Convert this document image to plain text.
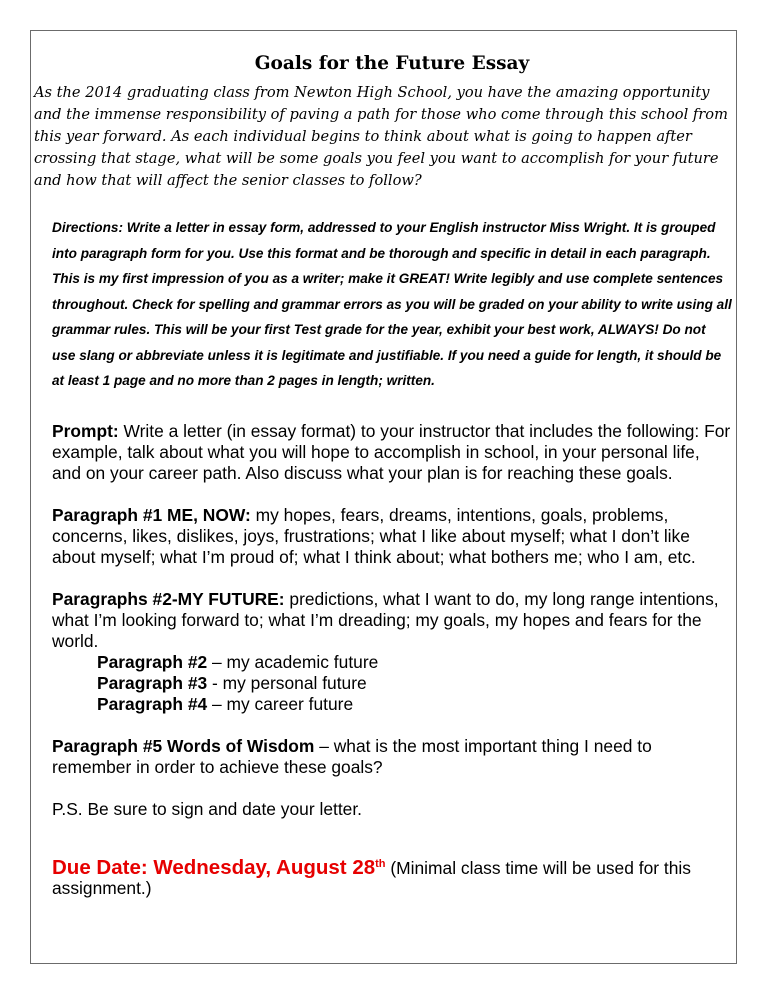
Goals for the Future Essay

As the 2014 graduating class from Newton High School, you have the amazing opportunity and the immense responsibility of paving a path for those who come through this school from this year forward. As each individual begins to think about what is going to happen after crossing that stage, what will be some goals you feel you want to accomplish for your future and how that will affect the senior classes to follow?

Directions: Write a letter in essay form, addressed to your English instructor Miss Wright. It is grouped into paragraph form for you. Use this format and be thorough and specific in detail in each paragraph. This is my first impression of you as a writer; make it GREAT! Write legibly and use complete sentences throughout. Check for spelling and grammar errors as you will be graded on your ability to write using all grammar rules. This will be your first Test grade for the year, exhibit your best work, ALWAYS! Do not use slang or abbreviate unless it is legitimate and justifiable. If you need a guide for length, it should be at least 1 page and no more than 2 pages in length; written.

Prompt: Write a letter (in essay format) to your instructor that includes the following: For example, talk about what you will hope to accomplish in school, in your personal life, and on your career path. Also discuss what your plan is for reaching these goals.

Paragraph #1 ME, NOW: my hopes, fears, dreams, intentions, goals, problems, concerns, likes, dislikes, joys, frustrations; what I like about myself; what I don’t like about myself; what I’m proud of; what I think about; what bothers me; who I am, etc.

Paragraphs #2-MY FUTURE: predictions, what I want to do, my long range intentions, what I’m looking forward to; what I’m dreading; my goals, my hopes and fears for the world.

Paragraph #2 – my academic future

Paragraph #3 - my personal future

Paragraph #4 – my career future

Paragraph #5 Words of Wisdom – what is the most important thing I need to remember in order to achieve these goals?

P.S. Be sure to sign and date your letter.

Due Date: Wednesday, August 28th (Minimal class time will be used for this assignment.)
